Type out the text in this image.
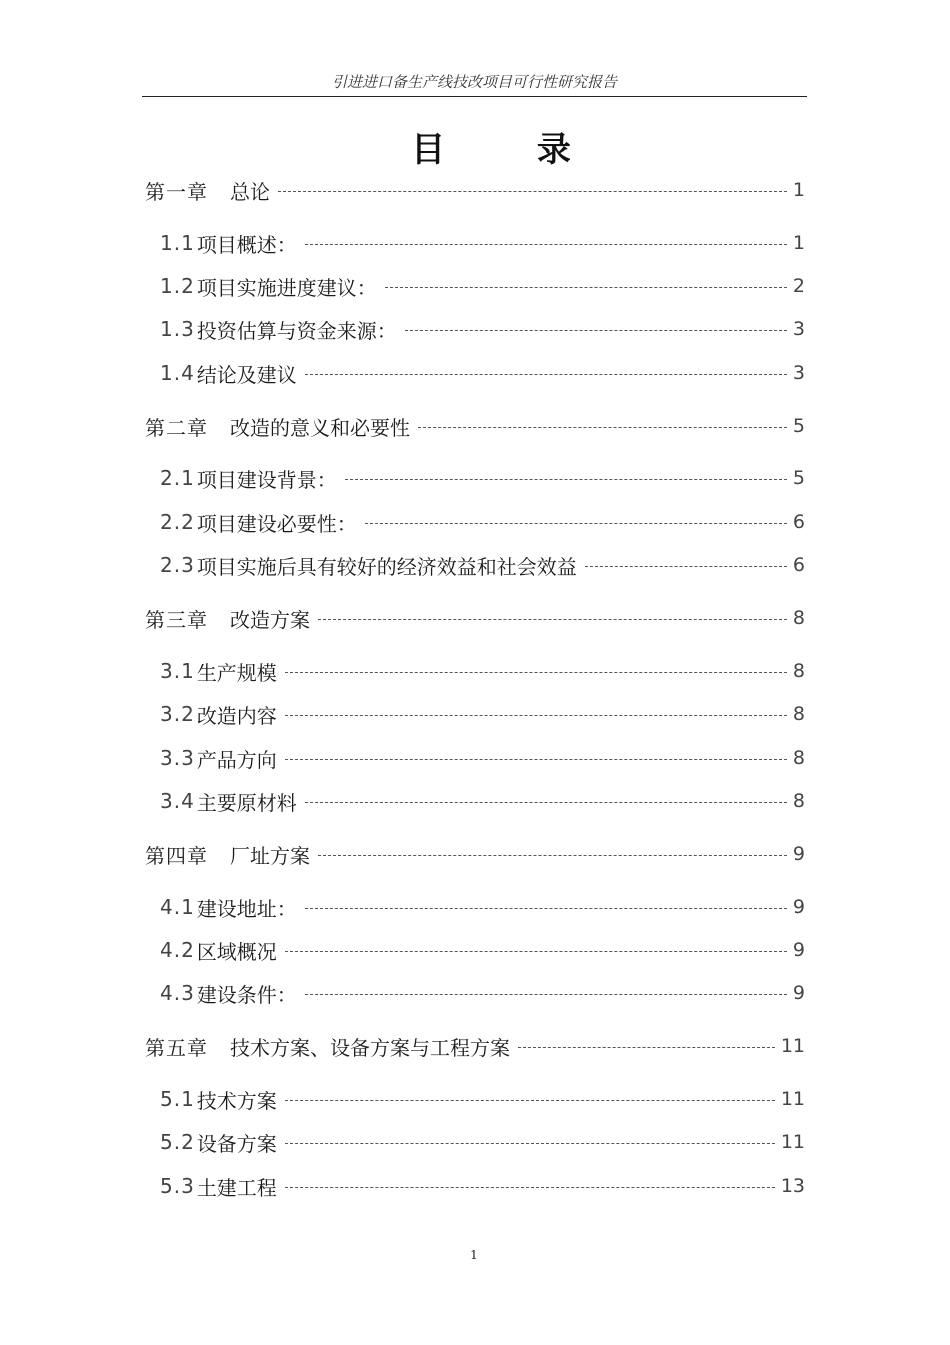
引进进口备生产线技改项目可行性研究报告
目 录
第一章 总论	1
1.1 项目概述：	1
1.2 项目实施进度建议：	2
1.3 投资估算与资金来源：	3
1.4 结论及建议	3
第二章 改造的意义和必要性	5
2.1 项目建设背景：	5
2.2 项目建设必要性：	6
2.3 项目实施后具有较好的经济效益和社会效益	6
第三章 改造方案	8
3.1 生产规模	8
3.2 改造内容	8
3.3 产品方向	8
3.4 主要原材料	8
第四章 厂址方案	9
4.1 建设地址：	9
4.2 区域概况	9
4.3 建设条件：	9
第五章 技术方案、设备方案与工程方案	11
5.1 技术方案	11
5.2 设备方案	11
5.3 土建工程	13
1
